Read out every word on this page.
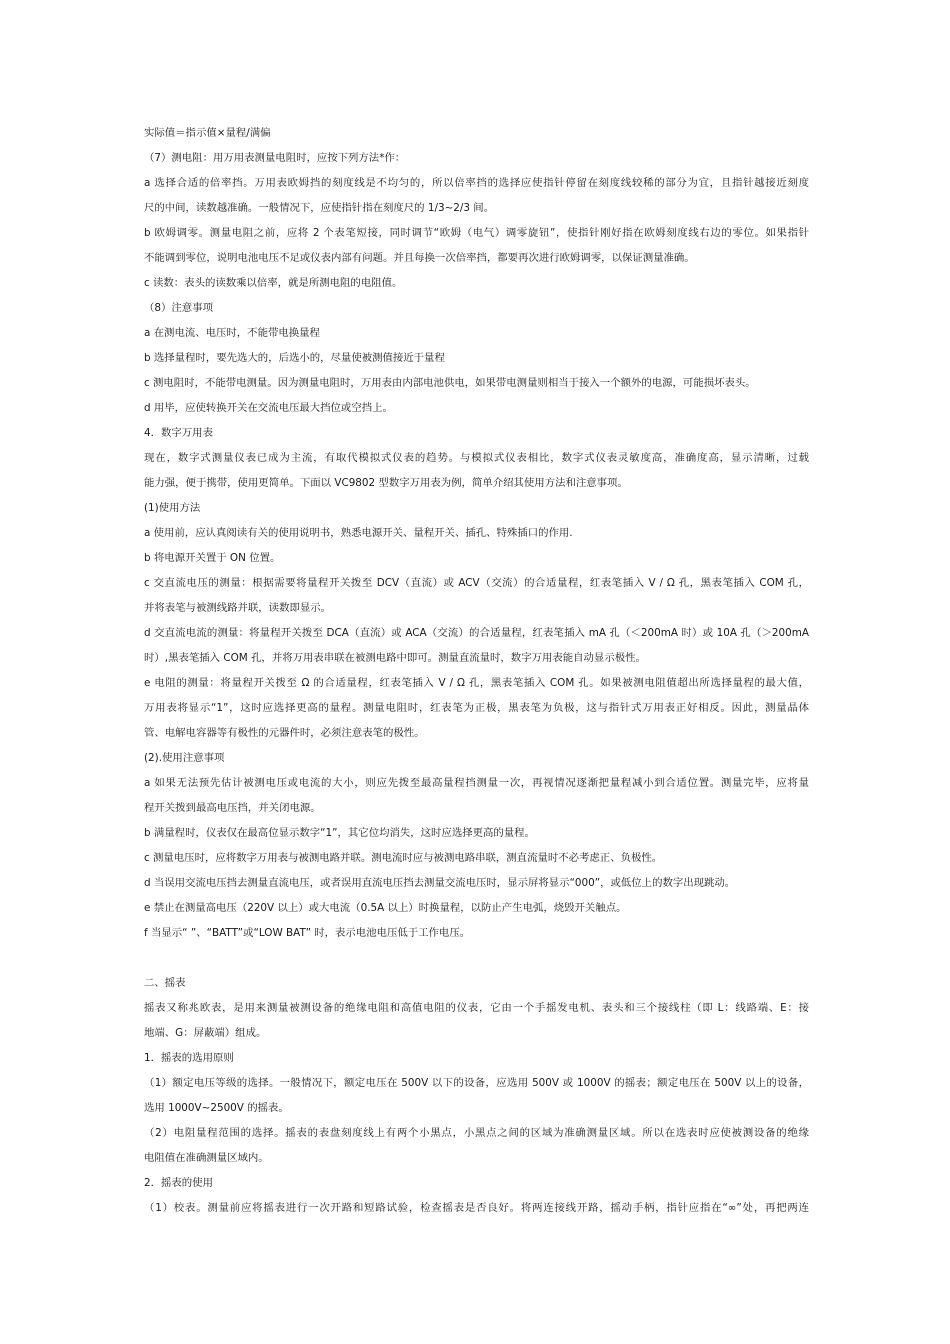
实际值＝指示值×量程/满偏
（7）测电阻：用万用表测量电阻时，应按下列方法*作：
a 选择合适的倍率挡。万用表欧姆挡的刻度线是不均匀的，所以倍率挡的选择应使指针停留在刻度线较稀的部分为宜，且指针越接近刻度
尺的中间，读数越准确。一般情况下，应使指针指在刻度尺的 1/3~2/3 间。
b 欧姆调零。测量电阻之前，应将 2 个表笔短接，同时调节“欧姆（电气）调零旋钮”，使指针刚好指在欧姆刻度线右边的零位。如果指针
不能调到零位，说明电池电压不足或仪表内部有问题。并且每换一次倍率挡，都要再次进行欧姆调零，以保证测量准确。
c 读数：表头的读数乘以倍率，就是所测电阻的电阻值。
（8）注意事项
a 在测电流、电压时，不能带电换量程
b 选择量程时，要先选大的，后选小的，尽量使被测值接近于量程
c 测电阻时，不能带电测量。因为测量电阻时，万用表由内部电池供电，如果带电测量则相当于接入一个额外的电源，可能损坏表头。
d 用毕，应使转换开关在交流电压最大挡位或空挡上。
4．数字万用表
现在，数字式测量仪表已成为主流，有取代模拟式仪表的趋势。与模拟式仪表相比，数字式仪表灵敏度高，准确度高，显示清晰，过载
能力强，便于携带，使用更简单。下面以 VC9802 型数字万用表为例，简单介绍其使用方法和注意事项。
(1)使用方法
a 使用前，应认真阅读有关的使用说明书，熟悉电源开关、量程开关、插孔、特殊插口的作用.
b 将电源开关置于 ON 位置。
c 交直流电压的测量：根据需要将量程开关拨至 DCV（直流）或 ACV（交流）的合适量程，红表笔插入 V / Ω 孔，黑表笔插入 COM 孔，
并将表笔与被测线路并联，读数即显示。
d 交直流电流的测量：将量程开关拨至 DCA（直流）或 ACA（交流）的合适量程，红表笔插入 mA 孔（＜200mA 时）或 10A 孔（＞200mA
时）,黑表笔插入 COM 孔，并将万用表串联在被测电路中即可。测量直流量时，数字万用表能自动显示极性。
e 电阻的测量：将量程开关拨至 Ω 的合适量程，红表笔插入 V / Ω 孔，黑表笔插入 COM 孔。如果被测电阻值超出所选择量程的最大值，
万用表将显示“1”，这时应选择更高的量程。测量电阻时，红表笔为正极，黑表笔为负极，这与指针式万用表正好相反。因此，测量晶体
管、电解电容器等有极性的元器件时，必须注意表笔的极性。
(2).使用注意事项
a 如果无法预先估计被测电压或电流的大小，则应先拨至最高量程挡测量一次，再视情况逐渐把量程减小到合适位置。测量完毕，应将量
程开关拨到最高电压挡，并关闭电源。
b 满量程时，仪表仅在最高位显示数字“1”，其它位均消失，这时应选择更高的量程。
c 测量电压时，应将数字万用表与被测电路并联。测电流时应与被测电路串联，测直流量时不必考虑正、负极性。
d 当误用交流电压挡去测量直流电压，或者误用直流电压挡去测量交流电压时，显示屏将显示“000”，或低位上的数字出现跳动。
e 禁止在测量高电压（220V 以上）或大电流（0.5A 以上）时换量程，以防止产生电弧，烧毁开关触点。
f 当显示“ ”、“BATT”或“LOW BAT” 时，表示电池电压低于工作电压。
二、摇表
摇表又称兆欧表，是用来测量被测设备的绝缘电阻和高值电阻的仪表，它由一个手摇发电机、表头和三个接线柱（即 L：线路端、E：接
地端、G：屏蔽端）组成。
1．摇表的选用原则
（1）额定电压等级的选择。一般情况下，额定电压在 500V 以下的设备，应选用 500V 或 1000V 的摇表；额定电压在 500V 以上的设备，
选用 1000V~2500V 的摇表。
（2）电阻量程范围的选择。摇表的表盘刻度线上有两个小黑点，小黑点之间的区域为准确测量区域。所以在选表时应使被测设备的绝缘
电阻值在准确测量区域内。
2．摇表的使用
（1）校表。测量前应将摇表进行一次开路和短路试验，检查摇表是否良好。将两连接线开路，摇动手柄，指针应指在“∞”处，再把两连
